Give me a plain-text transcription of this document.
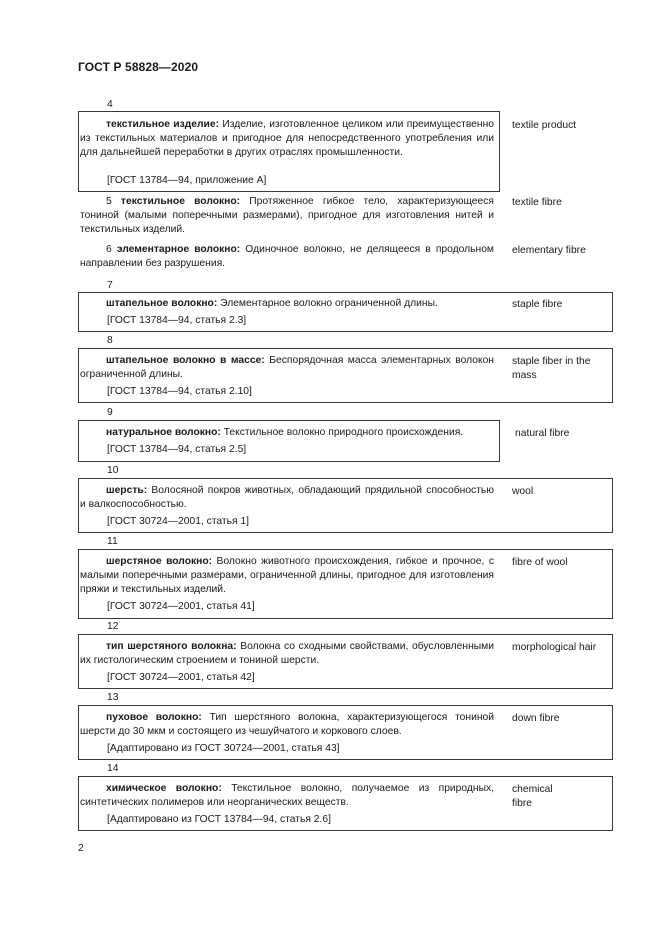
ГОСТ Р 58828—2020
4
текстильное изделие: Изделие, изготовленное целиком или преимущественно из текстильных материалов и пригодное для непосредственного употребления или для дальнейшей переработки в других отраслях промышленности.
[ГОСТ 13784—94, приложение А]
textile product
5 текстильное волокно: Протяженное гибкое тело, характеризующееся тониной (малыми поперечными размерами), пригодное для изготовления нитей и текстильных изделий.
textile fibre
6 элементарное волокно: Одиночное волокно, не делящееся в продольном направлении без разрушения.
elementary fibre
7
штапельное волокно: Элементарное волокно ограниченной длины.
[ГОСТ 13784—94, статья 2.3]
staple fibre
8
штапельное волокно в массе: Беспорядочная масса элементарных волокон ограниченной длины.
[ГОСТ 13784—94, статья 2.10]
staple fiber in the mass
9
натуральное волокно: Текстильное волокно природного происхождения.
[ГОСТ 13784—94, статья 2.5]
natural fibre
10
шерсть: Волосяной покров животных, обладающий прядильной способностью и валкоспособностью.
[ГОСТ 30724—2001, статья 1]
wool
11
шерстяное волокно: Волокно животного происхождения, гибкое и прочное, с малыми поперечными размерами, ограниченной длины, пригодное для изготовления пряжи и текстильных изделий.
[ГОСТ 30724—2001, статья 41]
fibre of wool
12
тип шерстяного волокна: Волокна со сходными свойствами, обусловленными их гистологическим строением и тониной шерсти.
[ГОСТ 30724—2001, статья 42]
morphological hair
13
пуховое волокно: Тип шерстяного волокна, характеризующегося тониной шерсти до 30 мкм и состоящего из чешуйчатого и коркового слоев.
[Адаптировано из ГОСТ 30724—2001, статья 43]
down fibre
14
химическое волокно: Текстильное волокно, получаемое из природных, синтетических полимеров или неорганических веществ.
[Адаптировано из ГОСТ 13784—94, статья 2.6]
chemical fibre
2
